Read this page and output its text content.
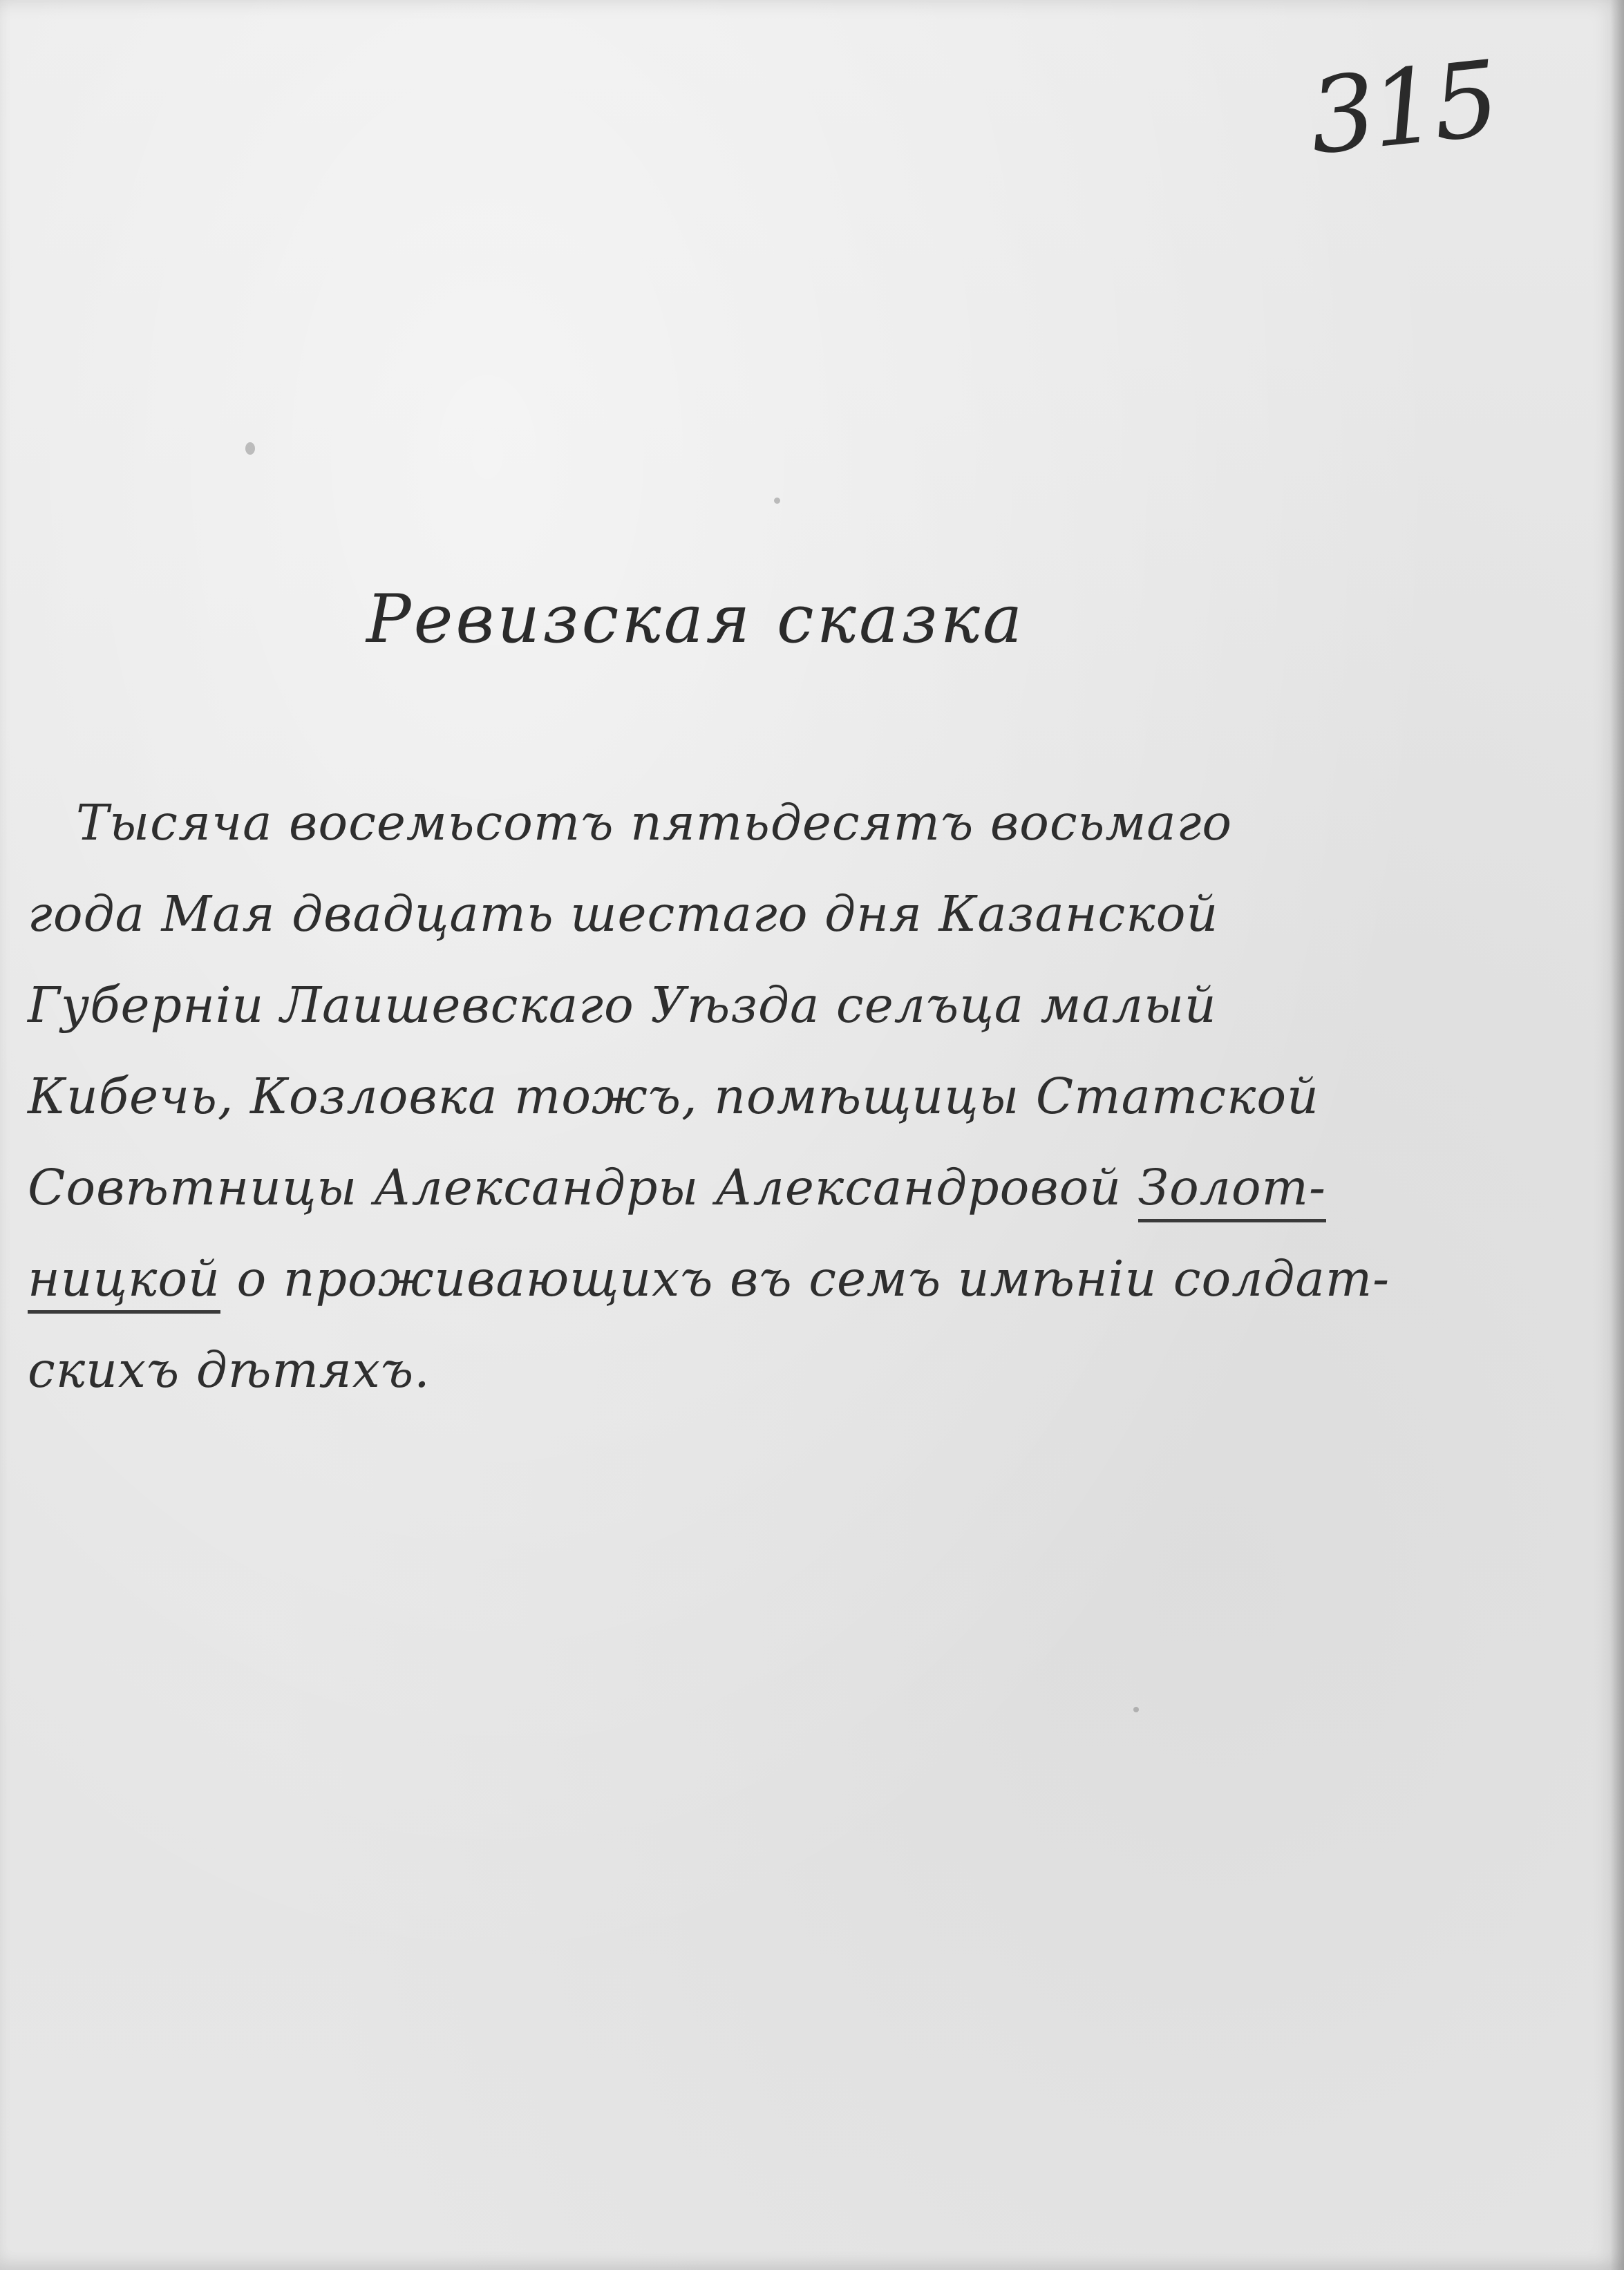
315
Ревизская сказка
Тысяча восемьсотъ пятьдесятъ восьмаго
года Мая двадцать шестаго дня Казанской
Губерніи Лаишевскаго Уѣзда селъца малый
Кибечь, Козловка тожъ, помѣщицы Статской
Совѣтницы Александры Александровой Золот-
ницкой о проживающихъ въ семъ имѣніи солдат-
скихъ дѣтяхъ.
